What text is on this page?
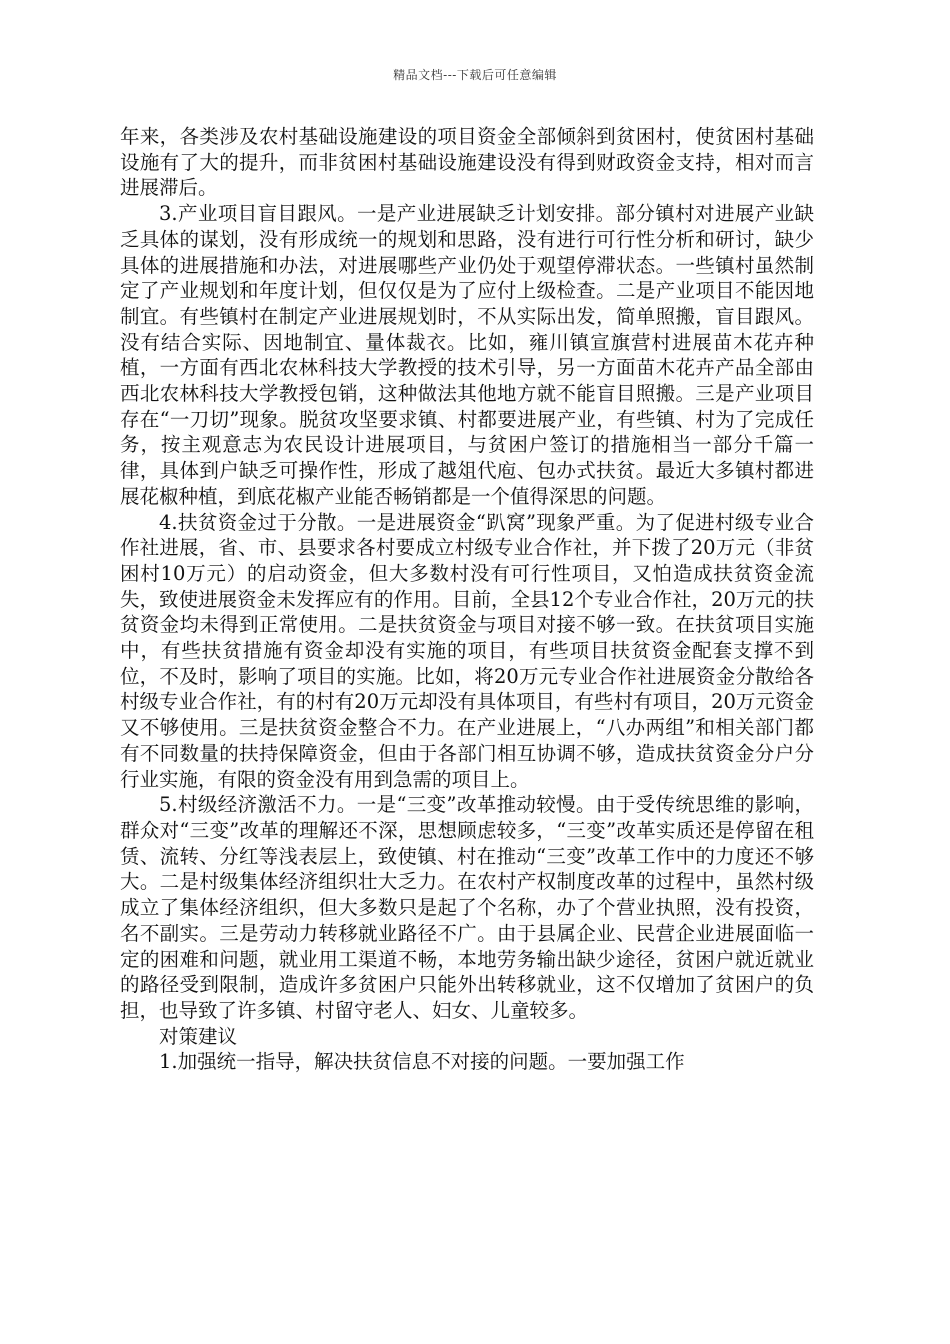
精品文档---下载后可任意编辑

年来，各类涉及农村基础设施建设的项目资金全部倾斜到贫困村，使贫困村基础设施有了大的提升，而非贫困村基础设施建设没有得到财政资金支持，相对而言进展滞后。

3.产业项目盲目跟风。一是产业进展缺乏计划安排。部分镇村对进展产业缺乏具体的谋划，没有形成统一的规划和思路，没有进行可行性分析和研讨，缺少具体的进展措施和办法，对进展哪些产业仍处于观望停滞状态。一些镇村虽然制定了产业规划和年度计划，但仅仅是为了应付上级检查。二是产业项目不能因地制宜。有些镇村在制定产业进展规划时，不从实际出发，简单照搬，盲目跟风。没有结合实际、因地制宜、量体裁衣。比如，雍川镇宣旗营村进展苗木花卉种植，一方面有西北农林科技大学教授的技术引导，另一方面苗木花卉产品全部由西北农林科技大学教授包销，这种做法其他地方就不能盲目照搬。三是产业项目存在“一刀切”现象。脱贫攻坚要求镇、村都要进展产业，有些镇、村为了完成任务，按主观意志为农民设计进展项目，与贫困户签订的措施相当一部分千篇一律，具体到户缺乏可操作性，形成了越俎代庖、包办式扶贫。最近大多镇村都进展花椒种植，到底花椒产业能否畅销都是一个值得深思的问题。

4.扶贫资金过于分散。一是进展资金“趴窝”现象严重。为了促进村级专业合作社进展，省、市、县要求各村要成立村级专业合作社，并下拨了20万元（非贫困村10万元）的启动资金，但大多数村没有可行性项目，又怕造成扶贫资金流失，致使进展资金未发挥应有的作用。目前，全县12个专业合作社，20万元的扶贫资金均未得到正常使用。二是扶贫资金与项目对接不够一致。在扶贫项目实施中，有些扶贫措施有资金却没有实施的项目，有些项目扶贫资金配套支撑不到位，不及时，影响了项目的实施。比如，将20万元专业合作社进展资金分散给各村级专业合作社，有的村有20万元却没有具体项目，有些村有项目，20万元资金又不够使用。三是扶贫资金整合不力。在产业进展上，“八办两组”和相关部门都有不同数量的扶持保障资金，但由于各部门相互协调不够，造成扶贫资金分户分行业实施，有限的资金没有用到急需的项目上。

5.村级经济激活不力。一是“三变”改革推动较慢。由于受传统思维的影响，群众对“三变”改革的理解还不深，思想顾虑较多，“三变”改革实质还是停留在租赁、流转、分红等浅表层上，致使镇、村在推动“三变”改革工作中的力度还不够大。二是村级集体经济组织壮大乏力。在农村产权制度改革的过程中，虽然村级成立了集体经济组织，但大多数只是起了个名称，办了个营业执照，没有投资，名不副实。三是劳动力转移就业路径不广。由于县属企业、民营企业进展面临一定的困难和问题，就业用工渠道不畅，本地劳务输出缺少途径，贫困户就近就业的路径受到限制，造成许多贫困户只能外出转移就业，这不仅增加了贫困户的负担，也导致了许多镇、村留守老人、妇女、儿童较多。

对策建议

1.加强统一指导，解决扶贫信息不对接的问题。一要加强工作
